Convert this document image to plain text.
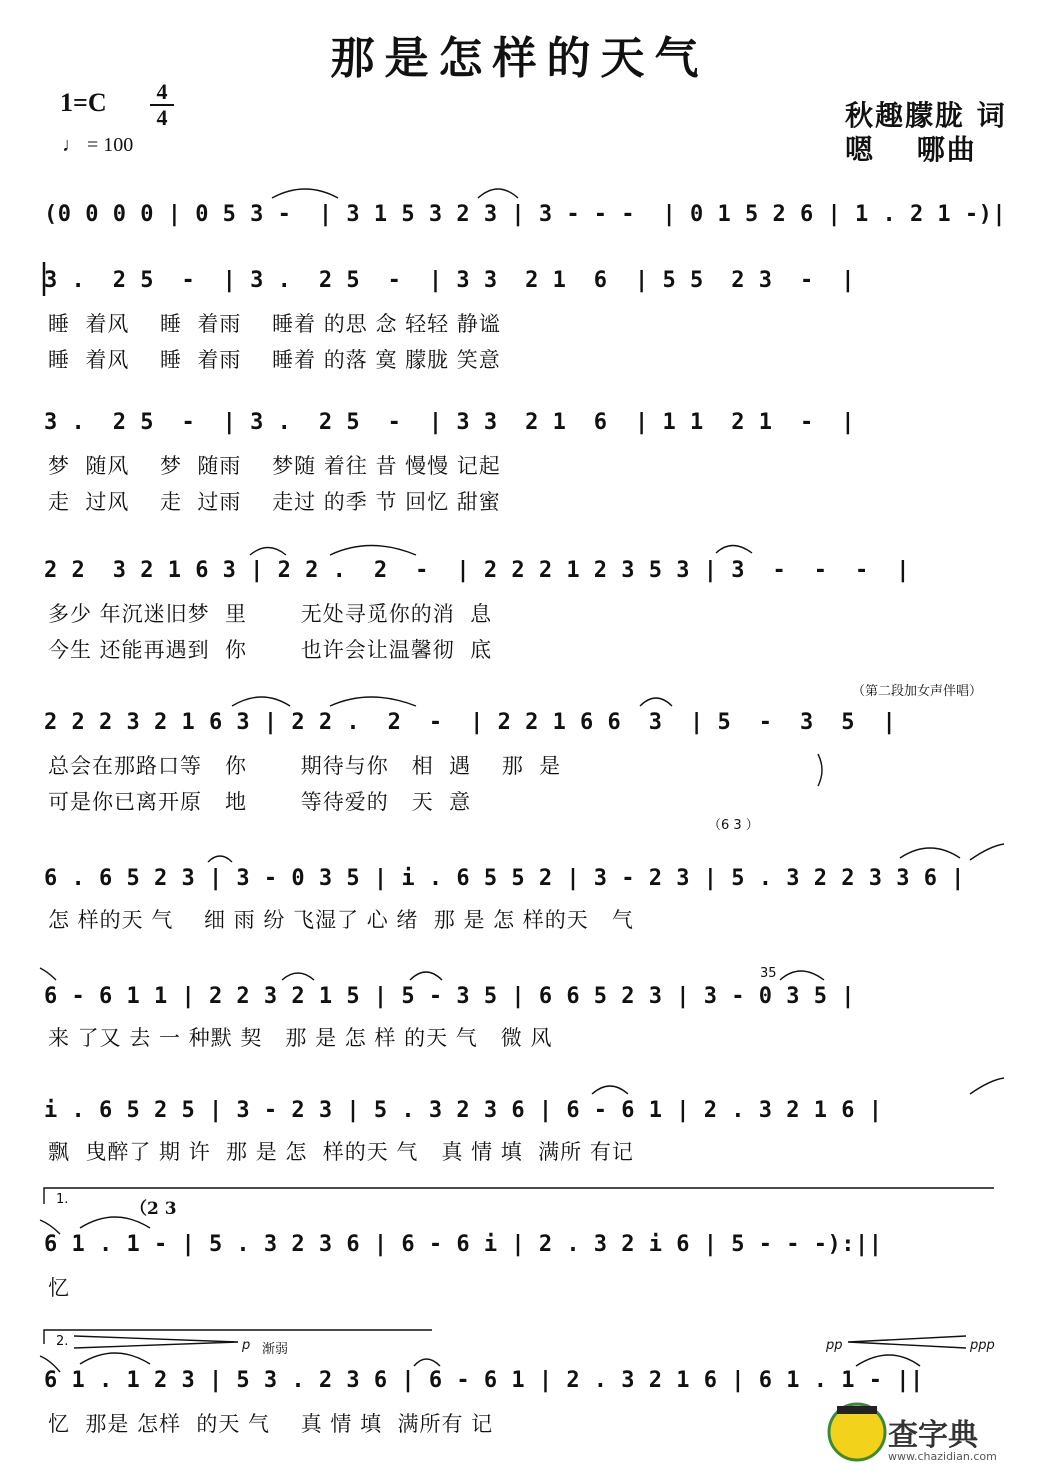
那是怎样的天气
1=C 4
4
♩ = 100
秋趣朦胧 词
嗯　 哪曲
(0 0 0 0 | 0 5 3 -  | 3 1 5 3 2 3 | 3 - - -  | 0 1 5 2 6 | 1 . 2 1 -)|
3 .  2 5  -  | 3 .  2 5  -  | 3 3  2 1  6  | 5 5  2 3  -  |
睡  着风    睡  着雨    睡着 的思 念 轻轻 静谧
睡  着风    睡  着雨    睡着 的落 寞 朦胧 笑意
3 .  2 5  -  | 3 .  2 5  -  | 3 3  2 1  6  | 1 1  2 1  -  |
梦  随风    梦  随雨    梦随 着往 昔 慢慢 记起
走  过风    走  过雨    走过 的季 节 回忆 甜蜜
2 2  3 2 1 6 3 | 2 2 .  2  -  | 2 2 2 1 2 3 5 3 | 3  -  -  -  |
多少 年沉迷旧梦  里       无处寻觅你的消  息
今生 还能再遇到  你       也许会让温馨彻  底
（第二段加女声伴唱）
2 2 2 3 2 1 6 3 | 2 2 .  2  -  | 2 2 1 6 6  3  | 5  -  3  5  |
总会在那路口等   你       期待与你   相  遇    那  是
可是你已离开原   地       等待爱的   天  意
（6 3 ）
6 . 6 5 2 3 | 3 - 0 3 5 | i . 6 5 5 2 | 3 - 2 3 | 5 . 3 2 2 3 3 6 |
怎 样的天 气    细 雨 纷 飞湿了 心 绪  那 是 怎 样的天   气
35
6 - 6 1 1 | 2 2 3 2 1 5 | 5 - 3 5 | 6 6 5 2 3 | 3 - 0 3 5 |
来 了又 去 一 种默 契   那 是 怎 样 的天 气   微 风
i . 6 5 2 5 | 3 - 2 3 | 5 . 3 2 3 6 | 6 - 6 1 | 2 . 3 2 1 6 |
飘  曳醉了 期 许  那 是 怎  样的天 气   真 情 填  满所 有记
1.	（2 3
6 1 . 1 - | 5 . 3 2 3 6 | 6 - 6 i | 2 . 3 2 i 6 | 5 - - -):||
忆
2.	p 渐弱	pp	ppp
6 1 . 1 2 3 | 5 3 . 2 3 6 | 6 - 6 1 | 2 . 3 2 1 6 | 6 1 . 1 - ||
忆  那是 怎样  的天 气    真 情 填  满所有 记	查字典
www.chazidian.com
